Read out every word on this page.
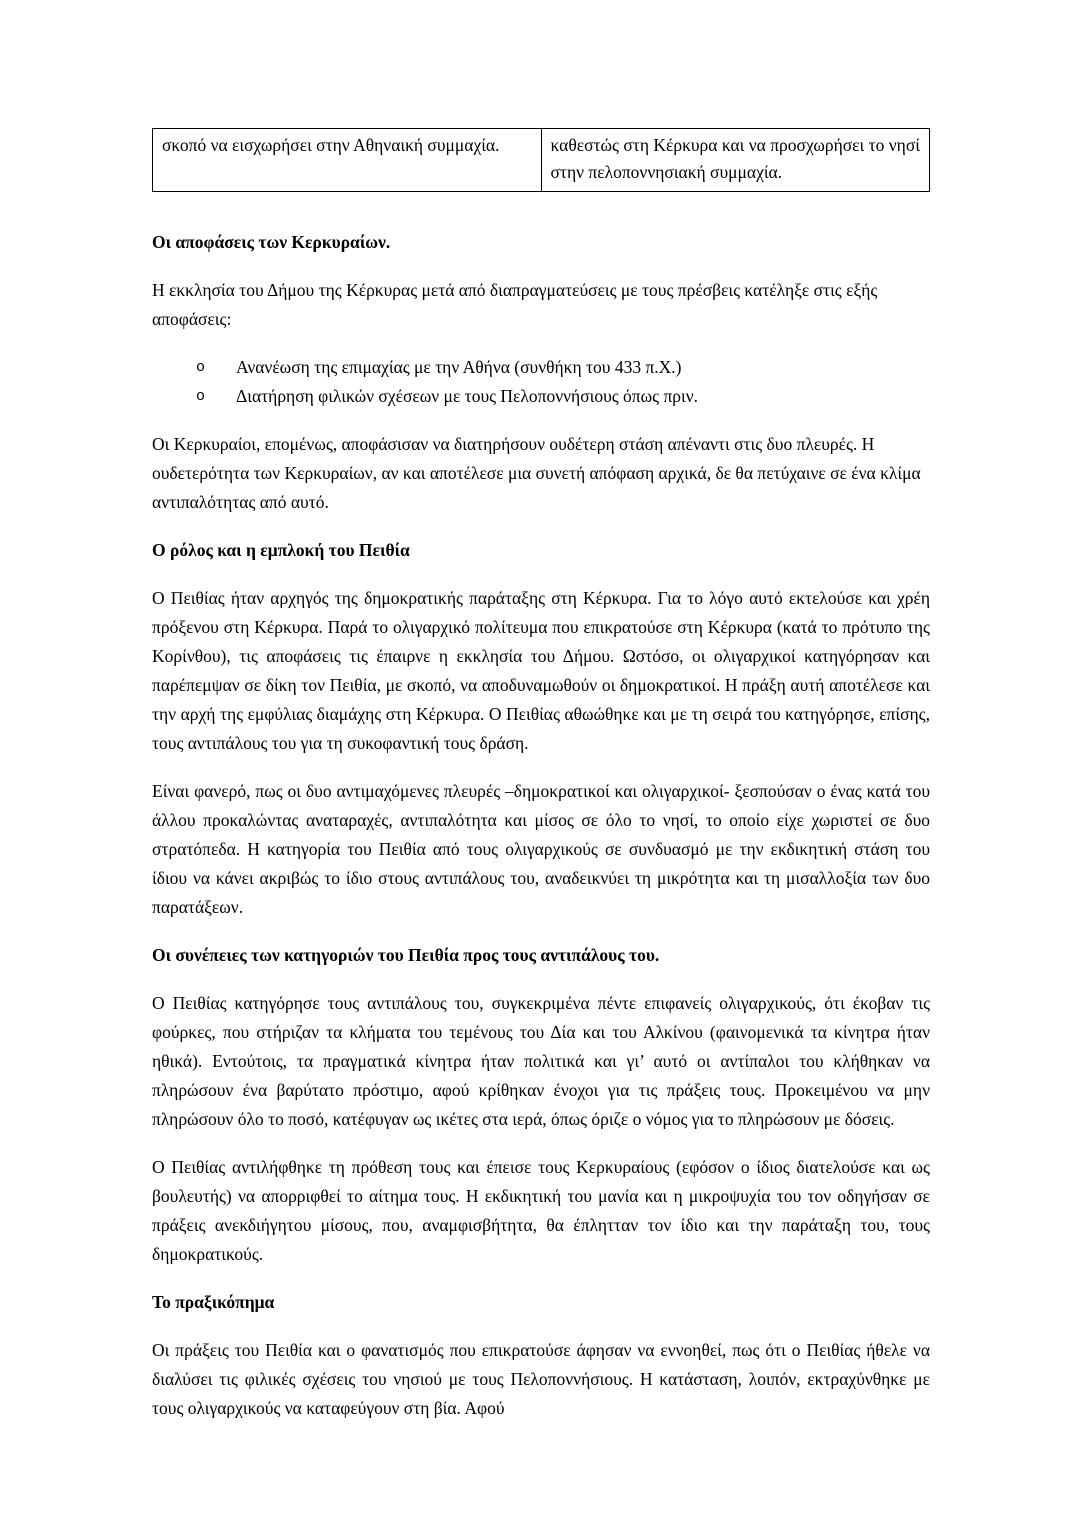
σκοπό να εισχωρήσει στην Αθηναική συμμαχία.	καθεστώς στη Κέρκυρα και να προσχωρήσει το νησί στην πελοποννησιακή συμμαχία.
Οι αποφάσεις των Κερκυραίων.

Η εκκλησία του Δήμου της Κέρκυρας μετά από διαπραγματεύσεις με τους πρέσβεις κατέληξε στις εξής αποφάσεις:

o	Ανανέωση της επιμαχίας με την Αθήνα (συνθήκη του 433 π.Χ.)
o	Διατήρηση φιλικών σχέσεων με τους Πελοποννήσιους όπως πριν.

Οι Κερκυραίοι, επομένως, αποφάσισαν να διατηρήσουν ουδέτερη στάση απέναντι στις δυο πλευρές. Η ουδετερότητα των Κερκυραίων, αν και αποτέλεσε μια συνετή απόφαση αρχικά, δε θα πετύχαινε σε ένα κλίμα αντιπαλότητας από αυτό.

Ο ρόλος και η εμπλοκή του Πειθία

Ο Πειθίας ήταν αρχηγός της δημοκρατικής παράταξης στη Κέρκυρα. Για το λόγο αυτό εκτελούσε και χρέη πρόξενου στη Κέρκυρα. Παρά το ολιγαρχικό πολίτευμα που επικρατούσε στη Κέρκυρα (κατά το πρότυπο της Κορίνθου), τις αποφάσεις τις έπαιρνε η εκκλησία του Δήμου. Ωστόσο, οι ολιγαρχικοί κατηγόρησαν και παρέπεμψαν σε δίκη τον Πειθία, με σκοπό, να αποδυναμωθούν οι δημοκρατικοί. Η πράξη αυτή αποτέλεσε και την αρχή της εμφύλιας διαμάχης στη Κέρκυρα. Ο Πειθίας αθωώθηκε και με τη σειρά του κατηγόρησε, επίσης, τους αντιπάλους του για τη συκοφαντική τους δράση.

Είναι φανερό, πως οι δυο αντιμαχόμενες πλευρές –δημοκρατικοί και ολιγαρχικοί- ξεσπούσαν ο ένας κατά του άλλου προκαλώντας αναταραχές, αντιπαλότητα και μίσος σε όλο το νησί, το οποίο είχε χωριστεί σε δυο στρατόπεδα. Η κατηγορία του Πειθία από τους ολιγαρχικούς σε συνδυασμό με την εκδικητική στάση του ίδιου να κάνει ακριβώς το ίδιο στους αντιπάλους του, αναδεικνύει τη μικρότητα και τη μισαλλοξία των δυο παρατάξεων.

Οι συνέπειες των κατηγοριών του Πειθία προς τους αντιπάλους του.

Ο Πειθίας κατηγόρησε τους αντιπάλους του, συγκεκριμένα πέντε επιφανείς ολιγαρχικούς, ότι έκοβαν τις φούρκες, που στήριζαν τα κλήματα του τεμένους του Δία και του Αλκίνου (φαινομενικά τα κίνητρα ήταν ηθικά). Εντούτοις, τα πραγματικά κίνητρα ήταν πολιτικά και γι’ αυτό οι αντίπαλοι του κλήθηκαν να πληρώσουν ένα βαρύτατο πρόστιμο, αφού κρίθηκαν ένοχοι για τις πράξεις τους. Προκειμένου να μην πληρώσουν όλο το ποσό, κατέφυγαν ως ικέτες στα ιερά, όπως όριζε ο νόμος για το πληρώσουν με δόσεις.

Ο Πειθίας αντιλήφθηκε τη πρόθεση τους και έπεισε τους Κερκυραίους (εφόσον ο ίδιος διατελούσε και ως βουλευτής) να απορριφθεί το αίτημα τους. Η εκδικητική του μανία και η μικροψυχία του τον οδηγήσαν σε πράξεις ανεκδιήγητου μίσους, που, αναμφισβήτητα, θα έπλητταν τον ίδιο και την παράταξη του, τους δημοκρατικούς.

Το πραξικόπημα

Οι πράξεις του Πειθία και ο φανατισμός που επικρατούσε άφησαν να εννοηθεί, πως ότι ο Πειθίας ήθελε να διαλύσει τις φιλικές σχέσεις του νησιού με τους Πελοποννήσιους. Η κατάσταση, λοιπόν, εκτραχύνθηκε με τους ολιγαρχικούς να καταφεύγουν στη βία. Αφού
